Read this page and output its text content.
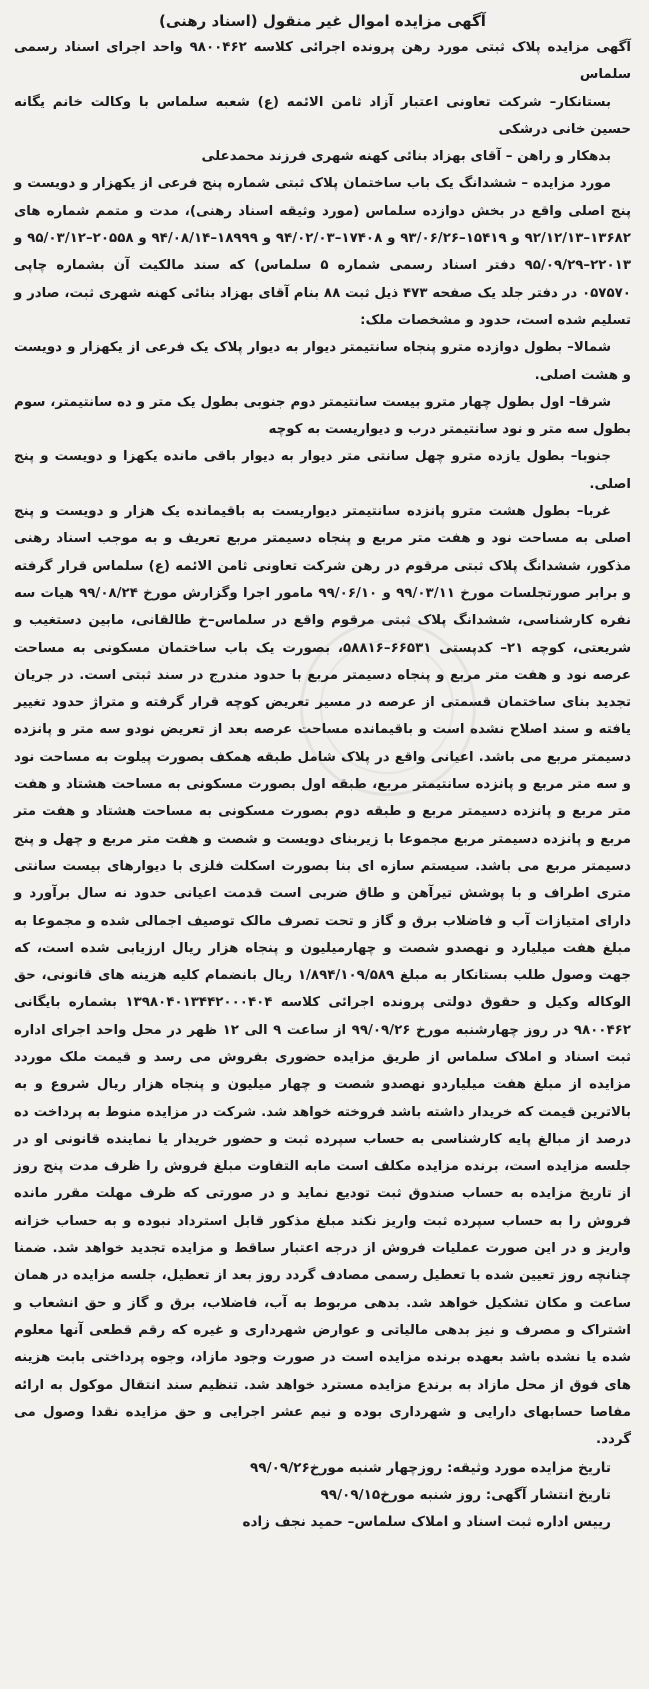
آگهی مزایده اموال غیر منقول (اسناد رهنی)

آگهی مزایده پلاک ثبتی مورد رهن پرونده اجرائی کلاسه ۹۸۰۰۴۶۲ واحد اجرای اسناد رسمی سلماس

بستانکار– شرکت تعاونی اعتبار آزاد ثامن الائمه (ع) شعبه سلماس با وکالت خانم یگانه حسین خانی درشکی

بدهکار و راهن – آقای بهزاد بنائی کهنه شهری فرزند محمدعلی

مورد مزایده – ششدانگ یک باب ساختمان پلاک ثبتی شماره پنج فرعی از یکهزار و دویست و پنج اصلی واقع در بخش دوازده سلماس (مورد وثیقه اسناد رهنی)، مدت و متمم شماره های ۱۳۶۸۲–۹۲/۱۲/۱۳ و ۱۵۴۱۹–۹۳/۰۶/۲۶ و ۱۷۴۰۸–۹۴/۰۲/۰۳ و ۱۸۹۹۹–۹۴/۰۸/۱۴ و ۲۰۵۵۸–۹۵/۰۳/۱۲ و ۲۲۰۱۳–۹۵/۰۹/۲۹ دفتر اسناد رسمی شماره ۵ سلماس) که سند مالکیت آن بشماره چاپی ۰۵۷۵۷۰ در دفتر جلد یک صفحه ۴۷۳ ذیل ثبت ۸۸ بنام آقای بهزاد بنائی کهنه شهری ثبت، صادر و تسلیم شده است، حدود و مشخصات ملک:

شمالا– بطول دوازده مترو پنجاه سانتیمتر دیوار به دیوار پلاک یک فرعی از یکهزار و دویست و هشت اصلی.

شرقا– اول بطول چهار مترو بیست سانتیمتر دوم جنوبی بطول یک متر و ده سانتیمتر، سوم بطول سه متر و نود سانتیمتر درب و دیواریست به کوچه

جنوبا– بطول یازده مترو چهل سانتی متر دیوار به دیوار باقی مانده یکهزا و دویست و پنج اصلی.

غربا– بطول هشت مترو پانزده سانتیمتر دیواریست به باقیمانده یک هزار و دویست و پنج اصلی به مساحت نود و هفت متر مربع و پنجاه دسیمتر مربع تعریف و به موجب اسناد رهنی مذکور، ششدانگ پلاک ثبتی مرقوم در رهن شرکت تعاونی ثامن الائمه (ع) سلماس قرار گرفته و برابر صورتجلسات مورخ ۹۹/۰۳/۱۱ و ۹۹/۰۶/۱۰ مامور اجرا وگزارش مورخ ۹۹/۰۸/۲۴ هیات سه نفره کارشناسی، ششدانگ پلاک ثبتی مرقوم واقع در سلماس–خ طالقانی، مابین دستغیب و شریعتی، کوچه ۲۱– کدپستی ۶۶۵۳۱–۵۸۸۱۶، بصورت یک باب ساختمان مسکونی به مساحت عرصه نود و هفت متر مربع و پنجاه دسیمتر مربع با حدود مندرج در سند ثبتی است. در جریان تجدید بنای ساختمان قسمتی از عرصه در مسیر تعریض کوچه قرار گرفته و متراژ حدود تغییر یافته و سند اصلاح نشده است و باقیمانده مساحت عرصه بعد از تعریض نودو سه متر و پانزده دسیمتر مربع می باشد. اعیانی واقع در پلاک شامل طبقه همکف بصورت پیلوت به مساحت نود و سه متر مربع و پانزده سانتیمتر مربع، طبقه اول بصورت مسکونی به مساحت هشتاد و هفت متر مربع و پانزده دسیمتر مربع و طبقه دوم بصورت مسکونی به مساحت هشتاد و هفت متر مربع و پانزده دسیمتر مربع مجموعا با زیربنای دویست و شصت و هفت متر مربع و چهل و پنج دسیمتر مربع می باشد. سیستم سازه ای بنا بصورت اسکلت فلزی با دیوارهای بیست سانتی متری اطراف و با پوشش تیرآهن و طاق ضربی است قدمت اعیانی حدود نه سال برآورد و دارای امتیازات آب و فاضلاب برق و گاز و تحت تصرف مالک توصیف اجمالی شده و مجموعا به مبلغ هفت میلیارد و نهصدو شصت و چهارمیلیون و پنجاه هزار ریال ارزیابی شده است، که جهت وصول طلب بستانکار به مبلغ ۱/۸۹۴/۱۰۹/۵۸۹ ریال بانضمام کلیه هزینه های قانونی، حق الوکاله وکیل و حقوق دولتی پرونده اجرائی کلاسه ۱۳۹۸۰۴۰۱۳۴۴۲۰۰۰۴۰۴ بشماره بایگانی ۹۸۰۰۴۶۲ در روز چهارشنبه مورخ ۹۹/۰۹/۲۶ از ساعت ۹ الی ۱۲ ظهر در محل واحد اجرای اداره ثبت اسناد و املاک سلماس از طریق مزایده حضوری بفروش می رسد و قیمت ملک موردد مزایده از مبلغ هفت میلیاردو نهصدو شصت و چهار میلیون و پنجاه هزار ریال شروع و به بالاترین قیمت که خریدار داشته باشد فروخته خواهد شد. شرکت در مزایده منوط به پرداخت ده درصد از مبالغ پایه کارشناسی به حساب سپرده ثبت و حضور خریدار یا نماینده قانونی او در جلسه مزایده است، برنده مزایده مکلف است مابه التفاوت مبلغ فروش را ظرف مدت پنج روز از تاریخ مزایده به حساب صندوق ثبت تودیع نماید و در صورتی که ظرف مهلت مقرر مانده فروش را به حساب سپرده ثبت واریز نکند مبلغ مذکور قابل استرداد نبوده و به حساب خزانه واریز و در این صورت عملیات فروش از درجه اعتبار ساقط و مزایده تجدید خواهد شد. ضمنا چنانچه روز تعیین شده با تعطیل رسمی مصادف گردد روز بعد از تعطیل، جلسه مزایده در همان ساعت و مکان تشکیل خواهد شد. بدهی مربوط به آب، فاضلاب، برق و گاز و حق انشعاب و اشتراک و مصرف و نیز بدهی مالیاتی و عوارض شهرداری و غیره که رقم قطعی آنها معلوم شده یا نشده باشد بعهده برنده مزایده است در صورت وجود مازاد، وجوه پرداختی بابت هزینه های فوق از محل مازاد به برندع مزایده مسترد خواهد شد. تنظیم سند انتقال موکول به ارائه مفاصا حسابهای دارایی و شهرداری بوده و نیم عشر اجرایی و حق مزایده نقدا وصول می گردد.

تاریخ مزایده مورد وثیقه: روزچهار شنبه مورخ۹۹/۰۹/۲۶
تاریخ انتشار آگهی: روز شنبه مورخ۹۹/۰۹/۱۵
رییس اداره ثبت اسناد و املاک سلماس– حمید نجف زاده
